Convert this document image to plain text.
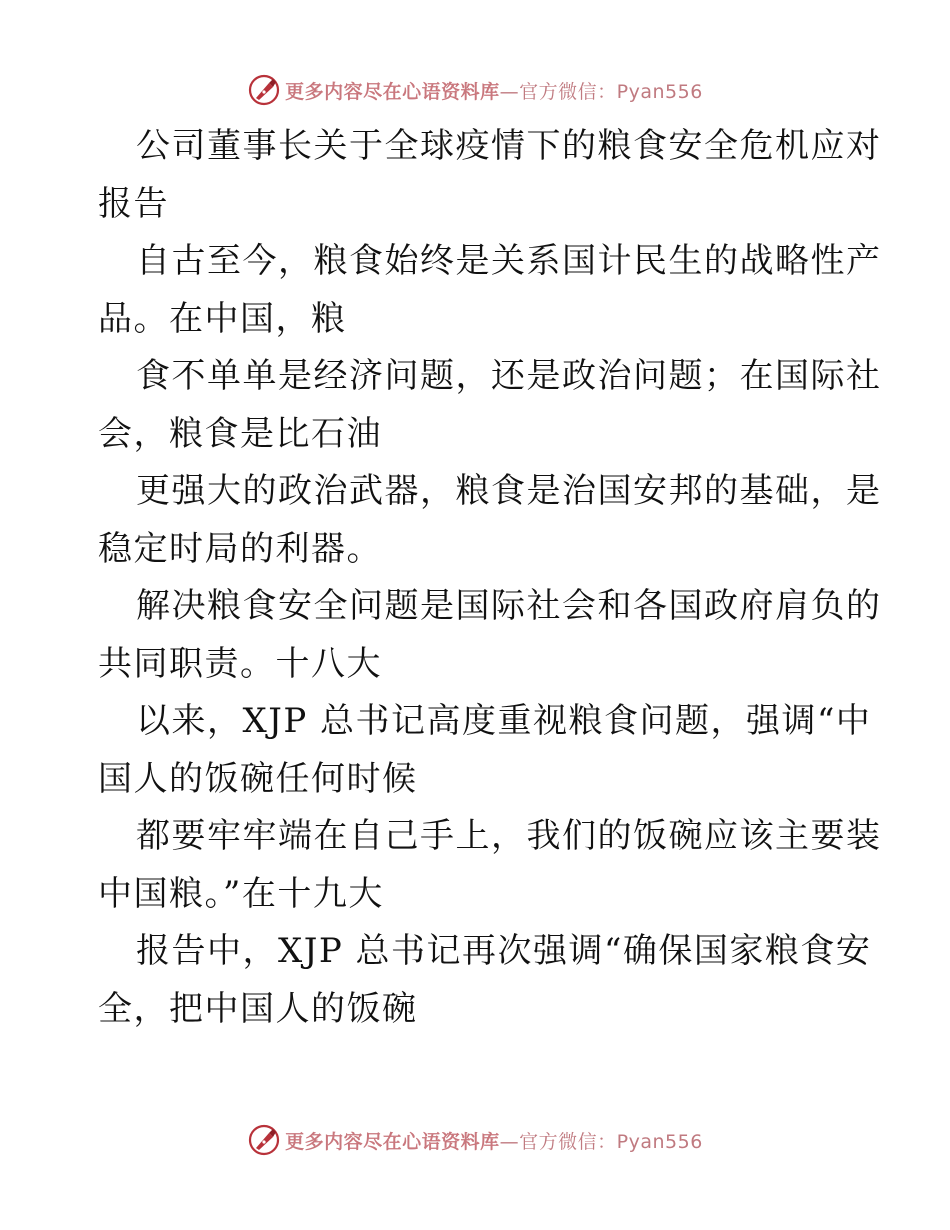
更多内容尽在心语资料库 —官方微信：Pyan556
公司董事长关于全球疫情下的粮食安全危机应对
报告
自古至今，粮食始终是关系国计民生的战略性产
品。在中国，粮
食不单单是经济问题，还是政治问题；在国际社
会，粮食是比石油
更强大的政治武器，粮食是治国安邦的基础，是
稳定时局的利器。
解决粮食安全问题是国际社会和各国政府肩负的
共同职责。十八大
以来，XJP 总书记高度重视粮食问题，强调“中
国人的饭碗任何时候
都要牢牢端在自己手上，我们的饭碗应该主要装
中国粮。”在十九大
报告中，XJP 总书记再次强调“确保国家粮食安
全，把中国人的饭碗
更多内容尽在心语资料库 —官方微信：Pyan556
